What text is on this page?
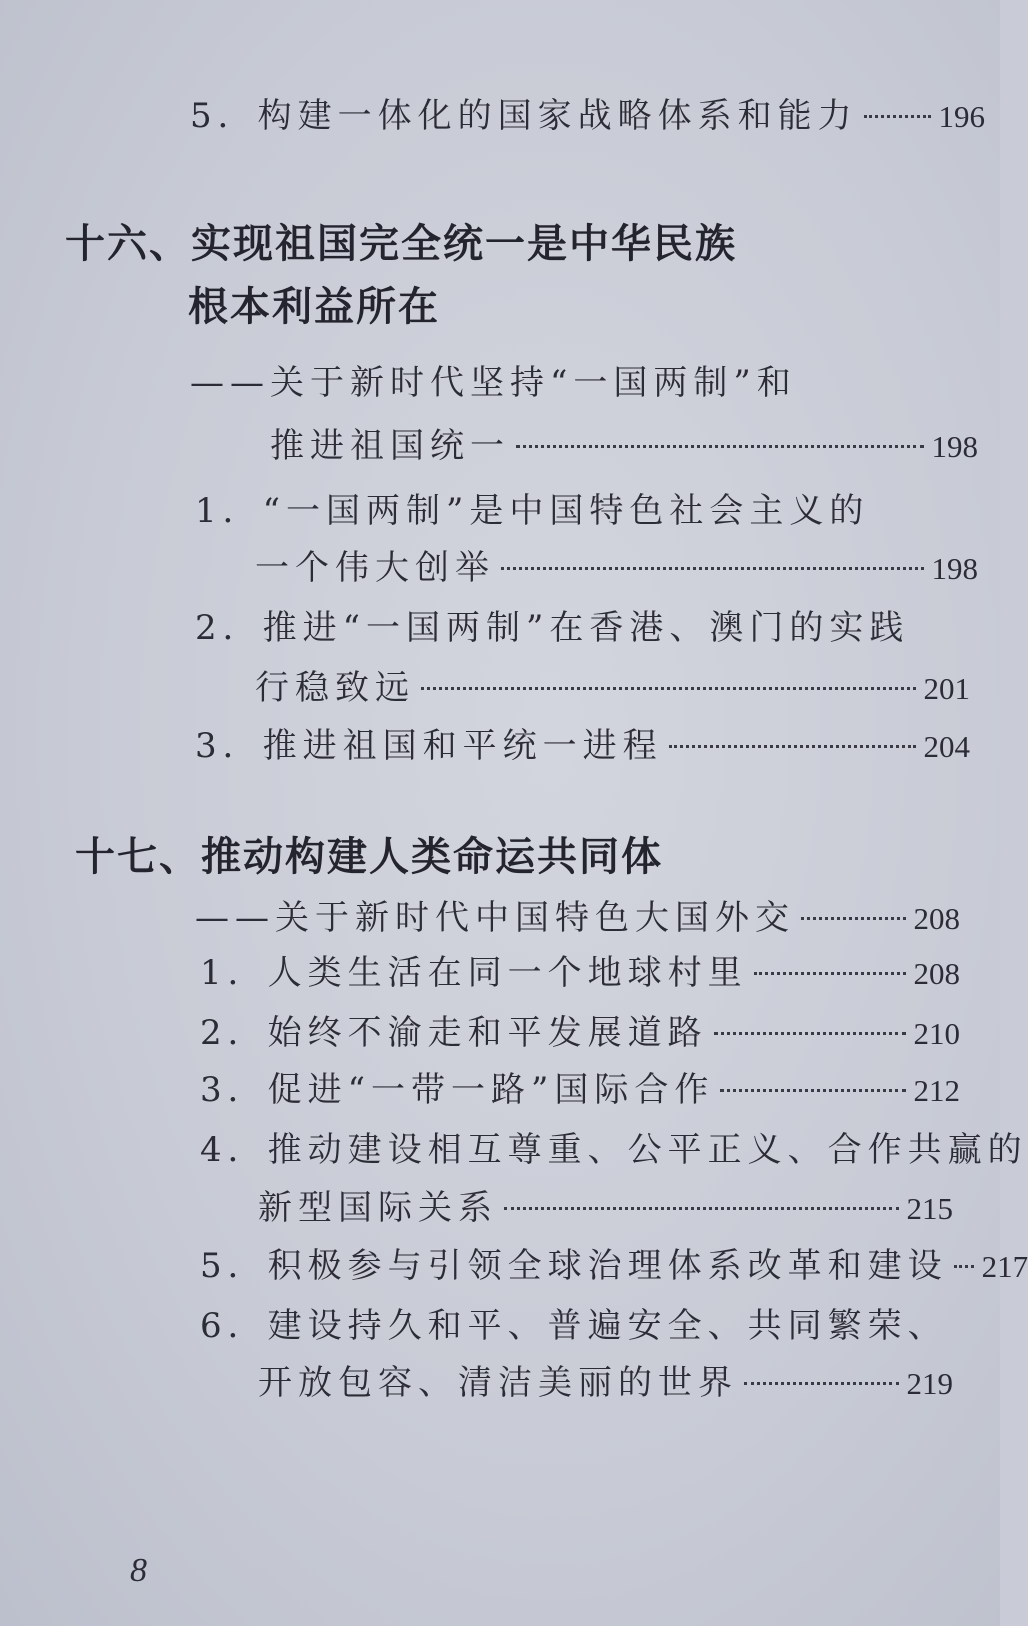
5．构建一体化的国家战略体系和能力	196
十六、实现祖国完全统一是中华民族
根本利益所在
——关于新时代坚持“一国两制”和
推进祖国统一	198
1．“一国两制”是中国特色社会主义的
一个伟大创举	198
2．推进“一国两制”在香港、澳门的实践
行稳致远	201
3．推进祖国和平统一进程	204
十七、推动构建人类命运共同体
——关于新时代中国特色大国外交	208
1．人类生活在同一个地球村里	208
2．始终不渝走和平发展道路	210
3．促进“一带一路”国际合作	212
4．推动建设相互尊重、公平正义、合作共赢的
新型国际关系	215
5．积极参与引领全球治理体系改革和建设 217
6．建设持久和平、普遍安全、共同繁荣、
开放包容、清洁美丽的世界	219
8
